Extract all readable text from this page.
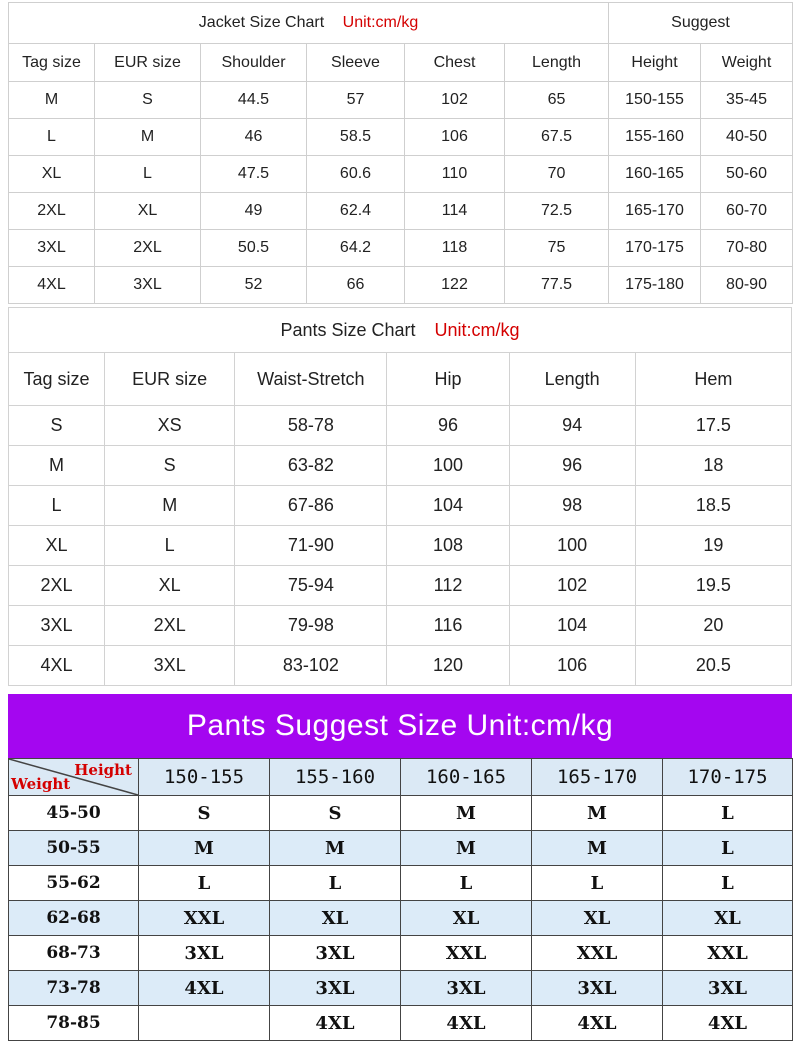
Jacket Size Chart Unit:cm/kg						Suggest	
Tag size	EUR size	Shoulder	Sleeve	Chest	Length	Height	Weight
M	S	44.5	57	102	65	150-155	35-45
L	M	46	58.5	106	67.5	155-160	40-50
XL	L	47.5	60.6	110	70	160-165	50-60
2XL	XL	49	62.4	114	72.5	165-170	60-70
3XL	2XL	50.5	64.2	118	75	170-175	70-80
4XL	3XL	52	66	122	77.5	175-180	80-90
Pants Size Chart Unit:cm/kg					
Tag size	EUR size	Waist-Stretch	Hip	Length	Hem
S	XS	58-78	96	94	17.5
M	S	63-82	100	96	18
L	M	67-86	104	98	18.5
XL	L	71-90	108	100	19
2XL	XL	75-94	112	102	19.5
3XL	2XL	79-98	116	104	20
4XL	3XL	83-102	120	106	20.5
Pants Suggest Size Unit:cm/kg
Height
Weight	150-155	155-160	160-165	165-170	170-175
45-50	S	S	M	M	L
50-55	M	M	M	M	L
55-62	L	L	L	L	L
62-68	XXL	XL	XL	XL	XL
68-73	3XL	3XL	XXL	XXL	XXL
73-78	4XL	3XL	3XL	3XL	3XL
78-85		4XL	4XL	4XL	4XL
